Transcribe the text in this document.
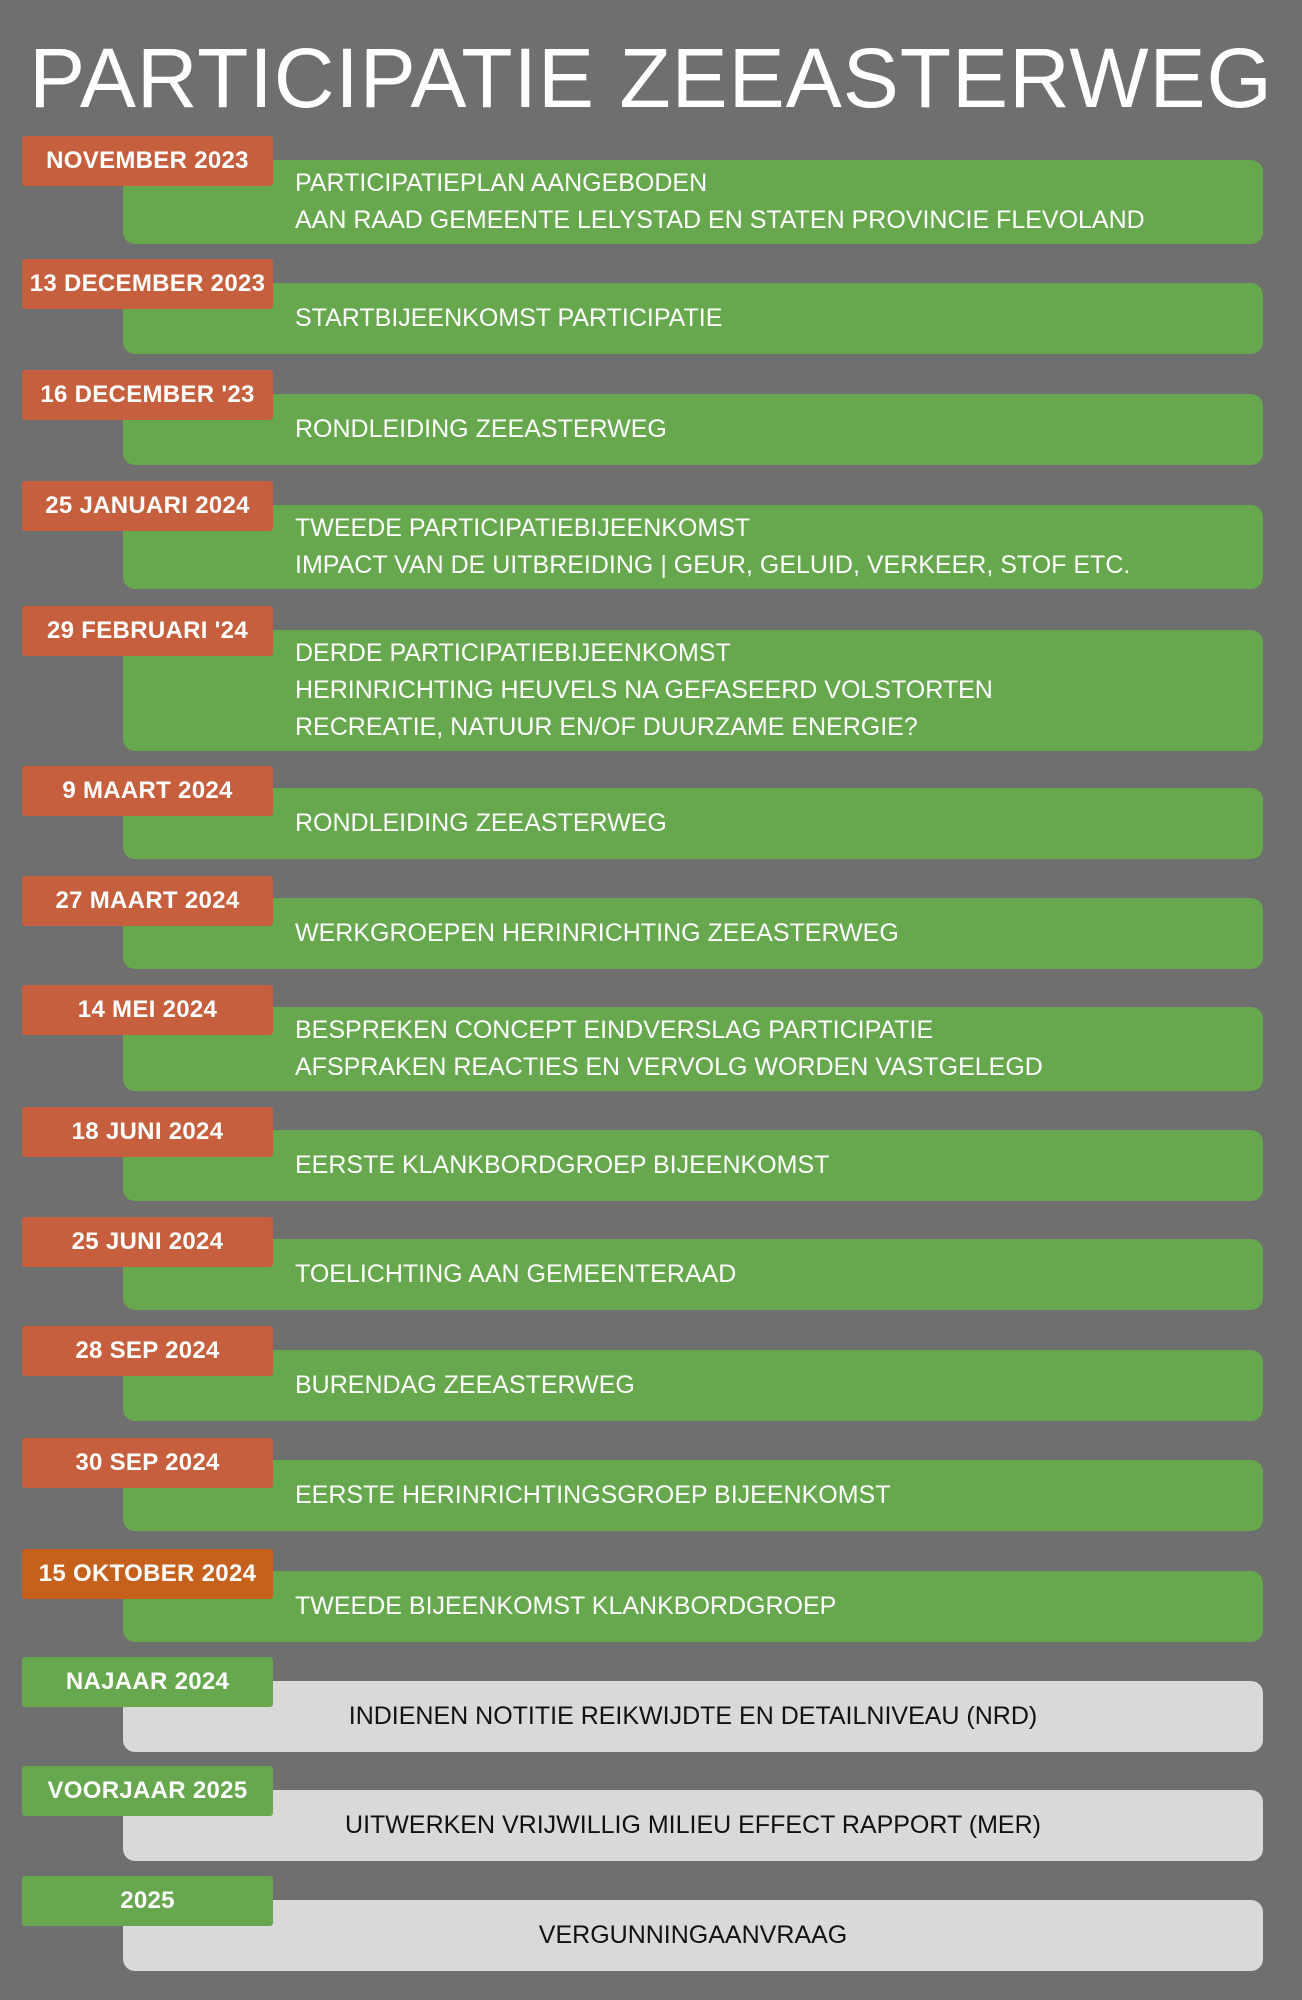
PARTICIPATIE ZEEASTERWEG
PARTICIPATIEPLAN AANGEBODEN
AAN RAAD GEMEENTE LELYSTAD EN STATEN PROVINCIE FLEVOLAND
NOVEMBER 2023
STARTBIJEENKOMST PARTICIPATIE
13 DECEMBER 2023
RONDLEIDING ZEEASTERWEG
16 DECEMBER '23
TWEEDE PARTICIPATIEBIJEENKOMST
IMPACT VAN DE UITBREIDING | GEUR, GELUID, VERKEER, STOF ETC.
25 JANUARI 2024
DERDE PARTICIPATIEBIJEENKOMST
HERINRICHTING HEUVELS NA GEFASEERD VOLSTORTEN
RECREATIE, NATUUR EN/OF DUURZAME ENERGIE?
29 FEBRUARI '24
RONDLEIDING ZEEASTERWEG
9 MAART 2024
WERKGROEPEN HERINRICHTING ZEEASTERWEG
27 MAART 2024
BESPREKEN CONCEPT EINDVERSLAG PARTICIPATIE
AFSPRAKEN REACTIES EN VERVOLG WORDEN VASTGELEGD
14 MEI 2024
EERSTE KLANKBORDGROEP BIJEENKOMST
18 JUNI 2024
TOELICHTING AAN GEMEENTERAAD
25 JUNI 2024
BURENDAG ZEEASTERWEG
28 SEP 2024
EERSTE HERINRICHTINGSGROEP BIJEENKOMST
30 SEP 2024
TWEEDE BIJEENKOMST KLANKBORDGROEP
15 OKTOBER 2024
INDIENEN NOTITIE REIKWIJDTE EN DETAILNIVEAU (NRD)
NAJAAR 2024
UITWERKEN VRIJWILLIG MILIEU EFFECT RAPPORT (MER)
VOORJAAR 2025
VERGUNNINGAANVRAAG
2025
